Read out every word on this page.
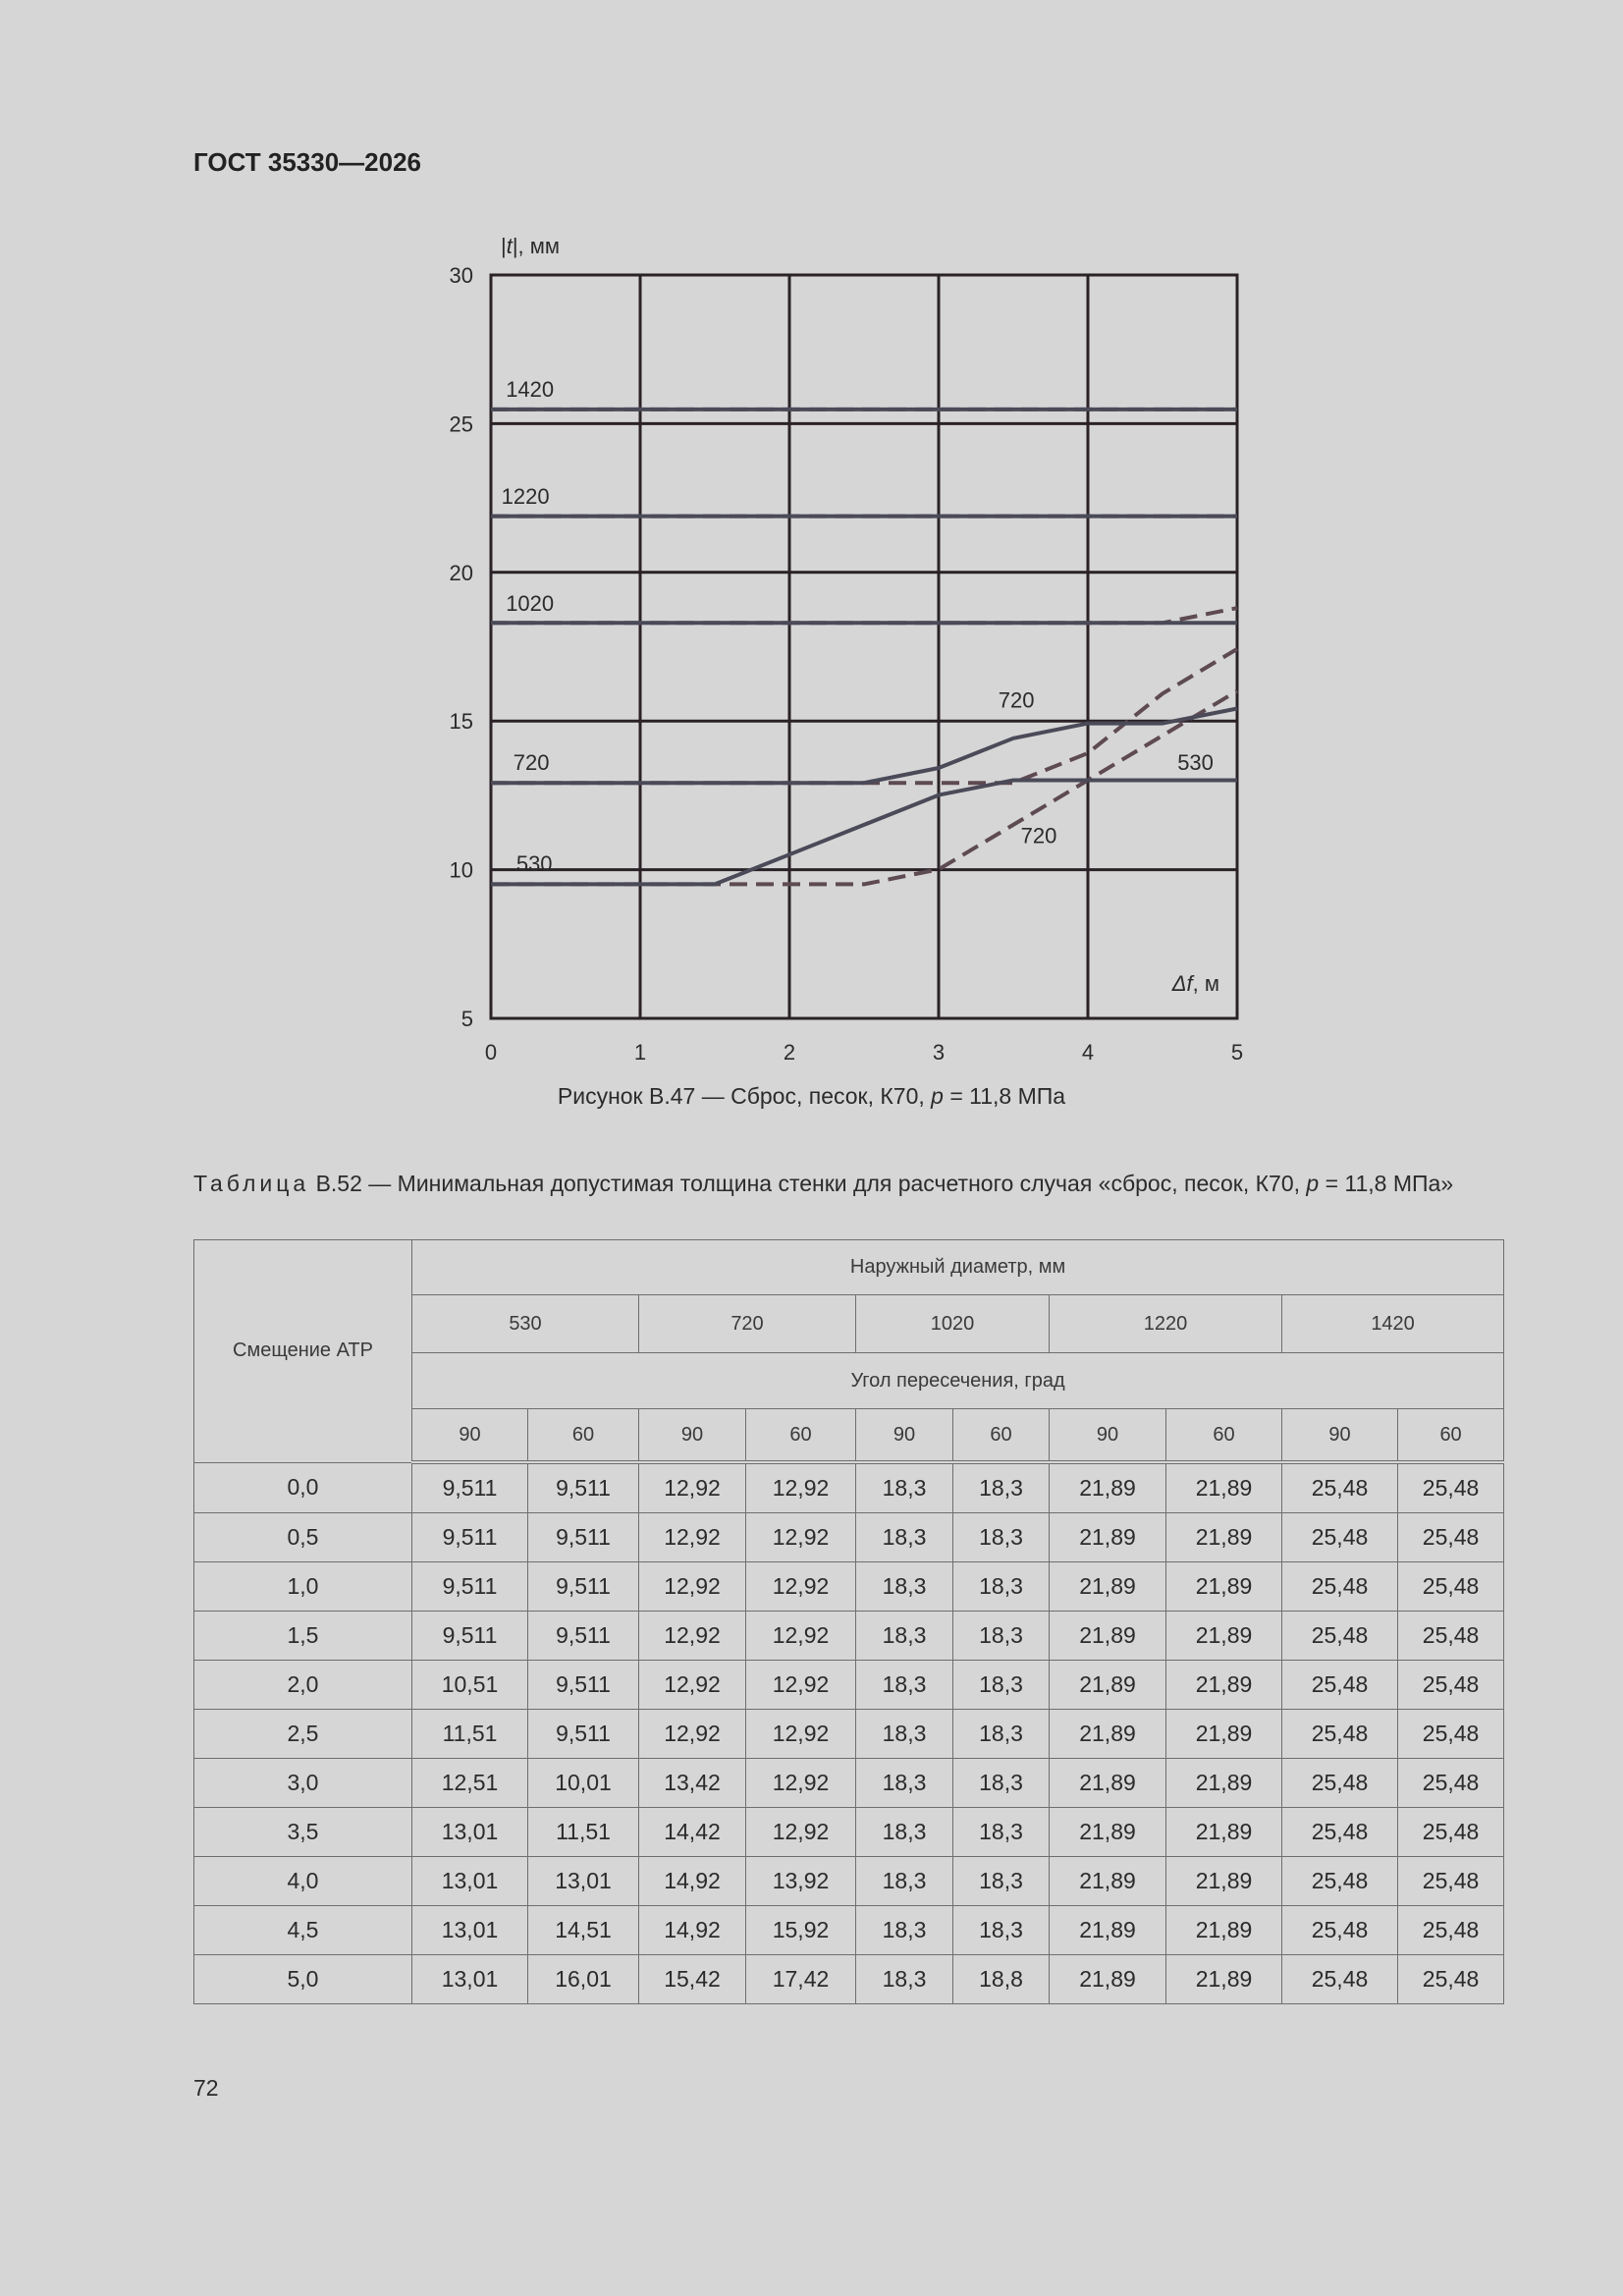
ГОСТ 35330—2026
5
10
15
20
25
30
0	1	2	3	4	5
|t|, мм
Δf, м
1420
1220
1020
720
530
720
530
720
Рисунок В.47 — Сброс, песок, К70, p = 11,8 МПа
Таблица В.52 — Минимальная допустимая толщина стенки для расчетного случая «сброс, песок, К70, p = 11,8 МПа»
Смещение АТР	Наружный диаметр, мм									
	530		720		1020		1220		1420	
	Угол пересечения, град									
	90	60	90	60	90	60	90	60	90	60
0,0	9,511	9,511	12,92	12,92	18,3	18,3	21,89	21,89	25,48	25,48
0,5	9,511	9,511	12,92	12,92	18,3	18,3	21,89	21,89	25,48	25,48
1,0	9,511	9,511	12,92	12,92	18,3	18,3	21,89	21,89	25,48	25,48
1,5	9,511	9,511	12,92	12,92	18,3	18,3	21,89	21,89	25,48	25,48
2,0	10,51	9,511	12,92	12,92	18,3	18,3	21,89	21,89	25,48	25,48
2,5	11,51	9,511	12,92	12,92	18,3	18,3	21,89	21,89	25,48	25,48
3,0	12,51	10,01	13,42	12,92	18,3	18,3	21,89	21,89	25,48	25,48
3,5	13,01	11,51	14,42	12,92	18,3	18,3	21,89	21,89	25,48	25,48
4,0	13,01	13,01	14,92	13,92	18,3	18,3	21,89	21,89	25,48	25,48
4,5	13,01	14,51	14,92	15,92	18,3	18,3	21,89	21,89	25,48	25,48
5,0	13,01	16,01	15,42	17,42	18,3	18,8	21,89	21,89	25,48	25,48
72
